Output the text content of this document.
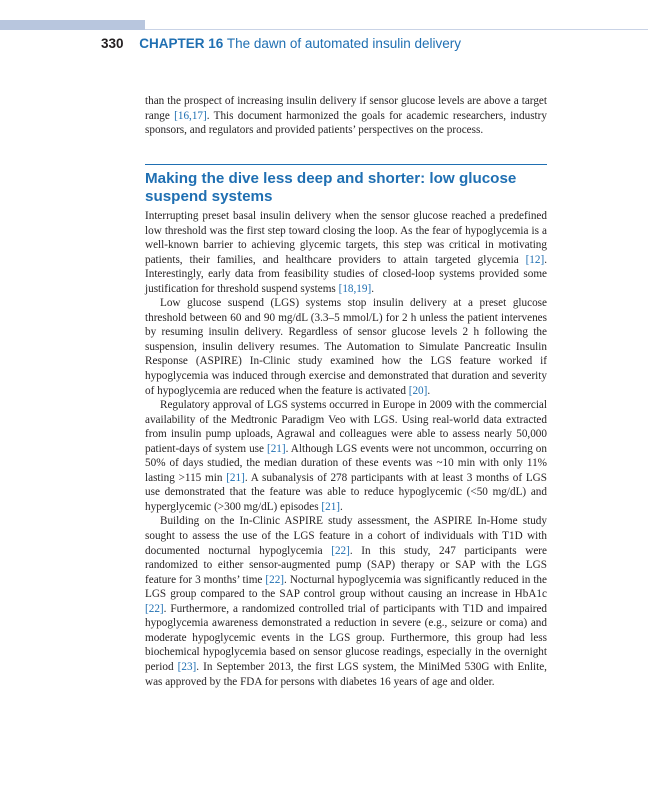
330 CHAPTER 16 The dawn of automated insulin delivery

than the prospect of increasing insulin delivery if sensor glucose levels are above a target range [16,17]. This document harmonized the goals for academic researchers, industry sponsors, and regulators and provided patients’ perspectives on the process.

Making the dive less deep and shorter: low glucose suspend systems

Interrupting preset basal insulin delivery when the sensor glucose reached a predefined low threshold was the first step toward closing the loop. As the fear of hypoglycemia is a well-known barrier to achieving glycemic targets, this step was critical in motivating patients, their families, and healthcare providers to attain targeted glycemia [12]. Interestingly, early data from feasibility studies of closed-loop systems provided some justification for threshold suspend systems [18,19].

Low glucose suspend (LGS) systems stop insulin delivery at a preset glucose threshold between 60 and 90 mg/dL (3.3–5 mmol/L) for 2 h unless the patient intervenes by resuming insulin delivery. Regardless of sensor glucose levels 2 h following the suspension, insulin delivery resumes. The Automation to Simulate Pancreatic Insulin Response (ASPIRE) In-Clinic study examined how the LGS feature worked if hypoglycemia was induced through exercise and demonstrated that duration and severity of hypoglycemia are reduced when the feature is activated [20].

Regulatory approval of LGS systems occurred in Europe in 2009 with the commercial availability of the Medtronic Paradigm Veo with LGS. Using real-world data extracted from insulin pump uploads, Agrawal and colleagues were able to assess nearly 50,000 patient-days of system use [21]. Although LGS events were not uncommon, occurring on 50% of days studied, the median duration of these events was ~10 min with only 11% lasting >115 min [21]. A subanalysis of 278 participants with at least 3 months of LGS use demonstrated that the feature was able to reduce hypoglycemic (<50 mg/dL) and hyperglycemic (>300 mg/dL) episodes [21].

Building on the In-Clinic ASPIRE study assessment, the ASPIRE In-Home study sought to assess the use of the LGS feature in a cohort of individuals with T1D with documented nocturnal hypoglycemia [22]. In this study, 247 participants were randomized to either sensor-augmented pump (SAP) therapy or SAP with the LGS feature for 3 months’ time [22]. Nocturnal hypoglycemia was significantly reduced in the LGS group compared to the SAP control group without causing an increase in HbA1c [22]. Furthermore, a randomized controlled trial of participants with T1D and impaired hypoglycemia awareness demonstrated a reduction in severe (e.g., seizure or coma) and moderate hypoglycemic events in the LGS group. Furthermore, this group had less biochemical hypoglycemia based on sensor glucose readings, especially in the overnight period [23]. In September 2013, the first LGS system, the MiniMed 530G with Enlite, was approved by the FDA for persons with diabetes 16 years of age and older.
